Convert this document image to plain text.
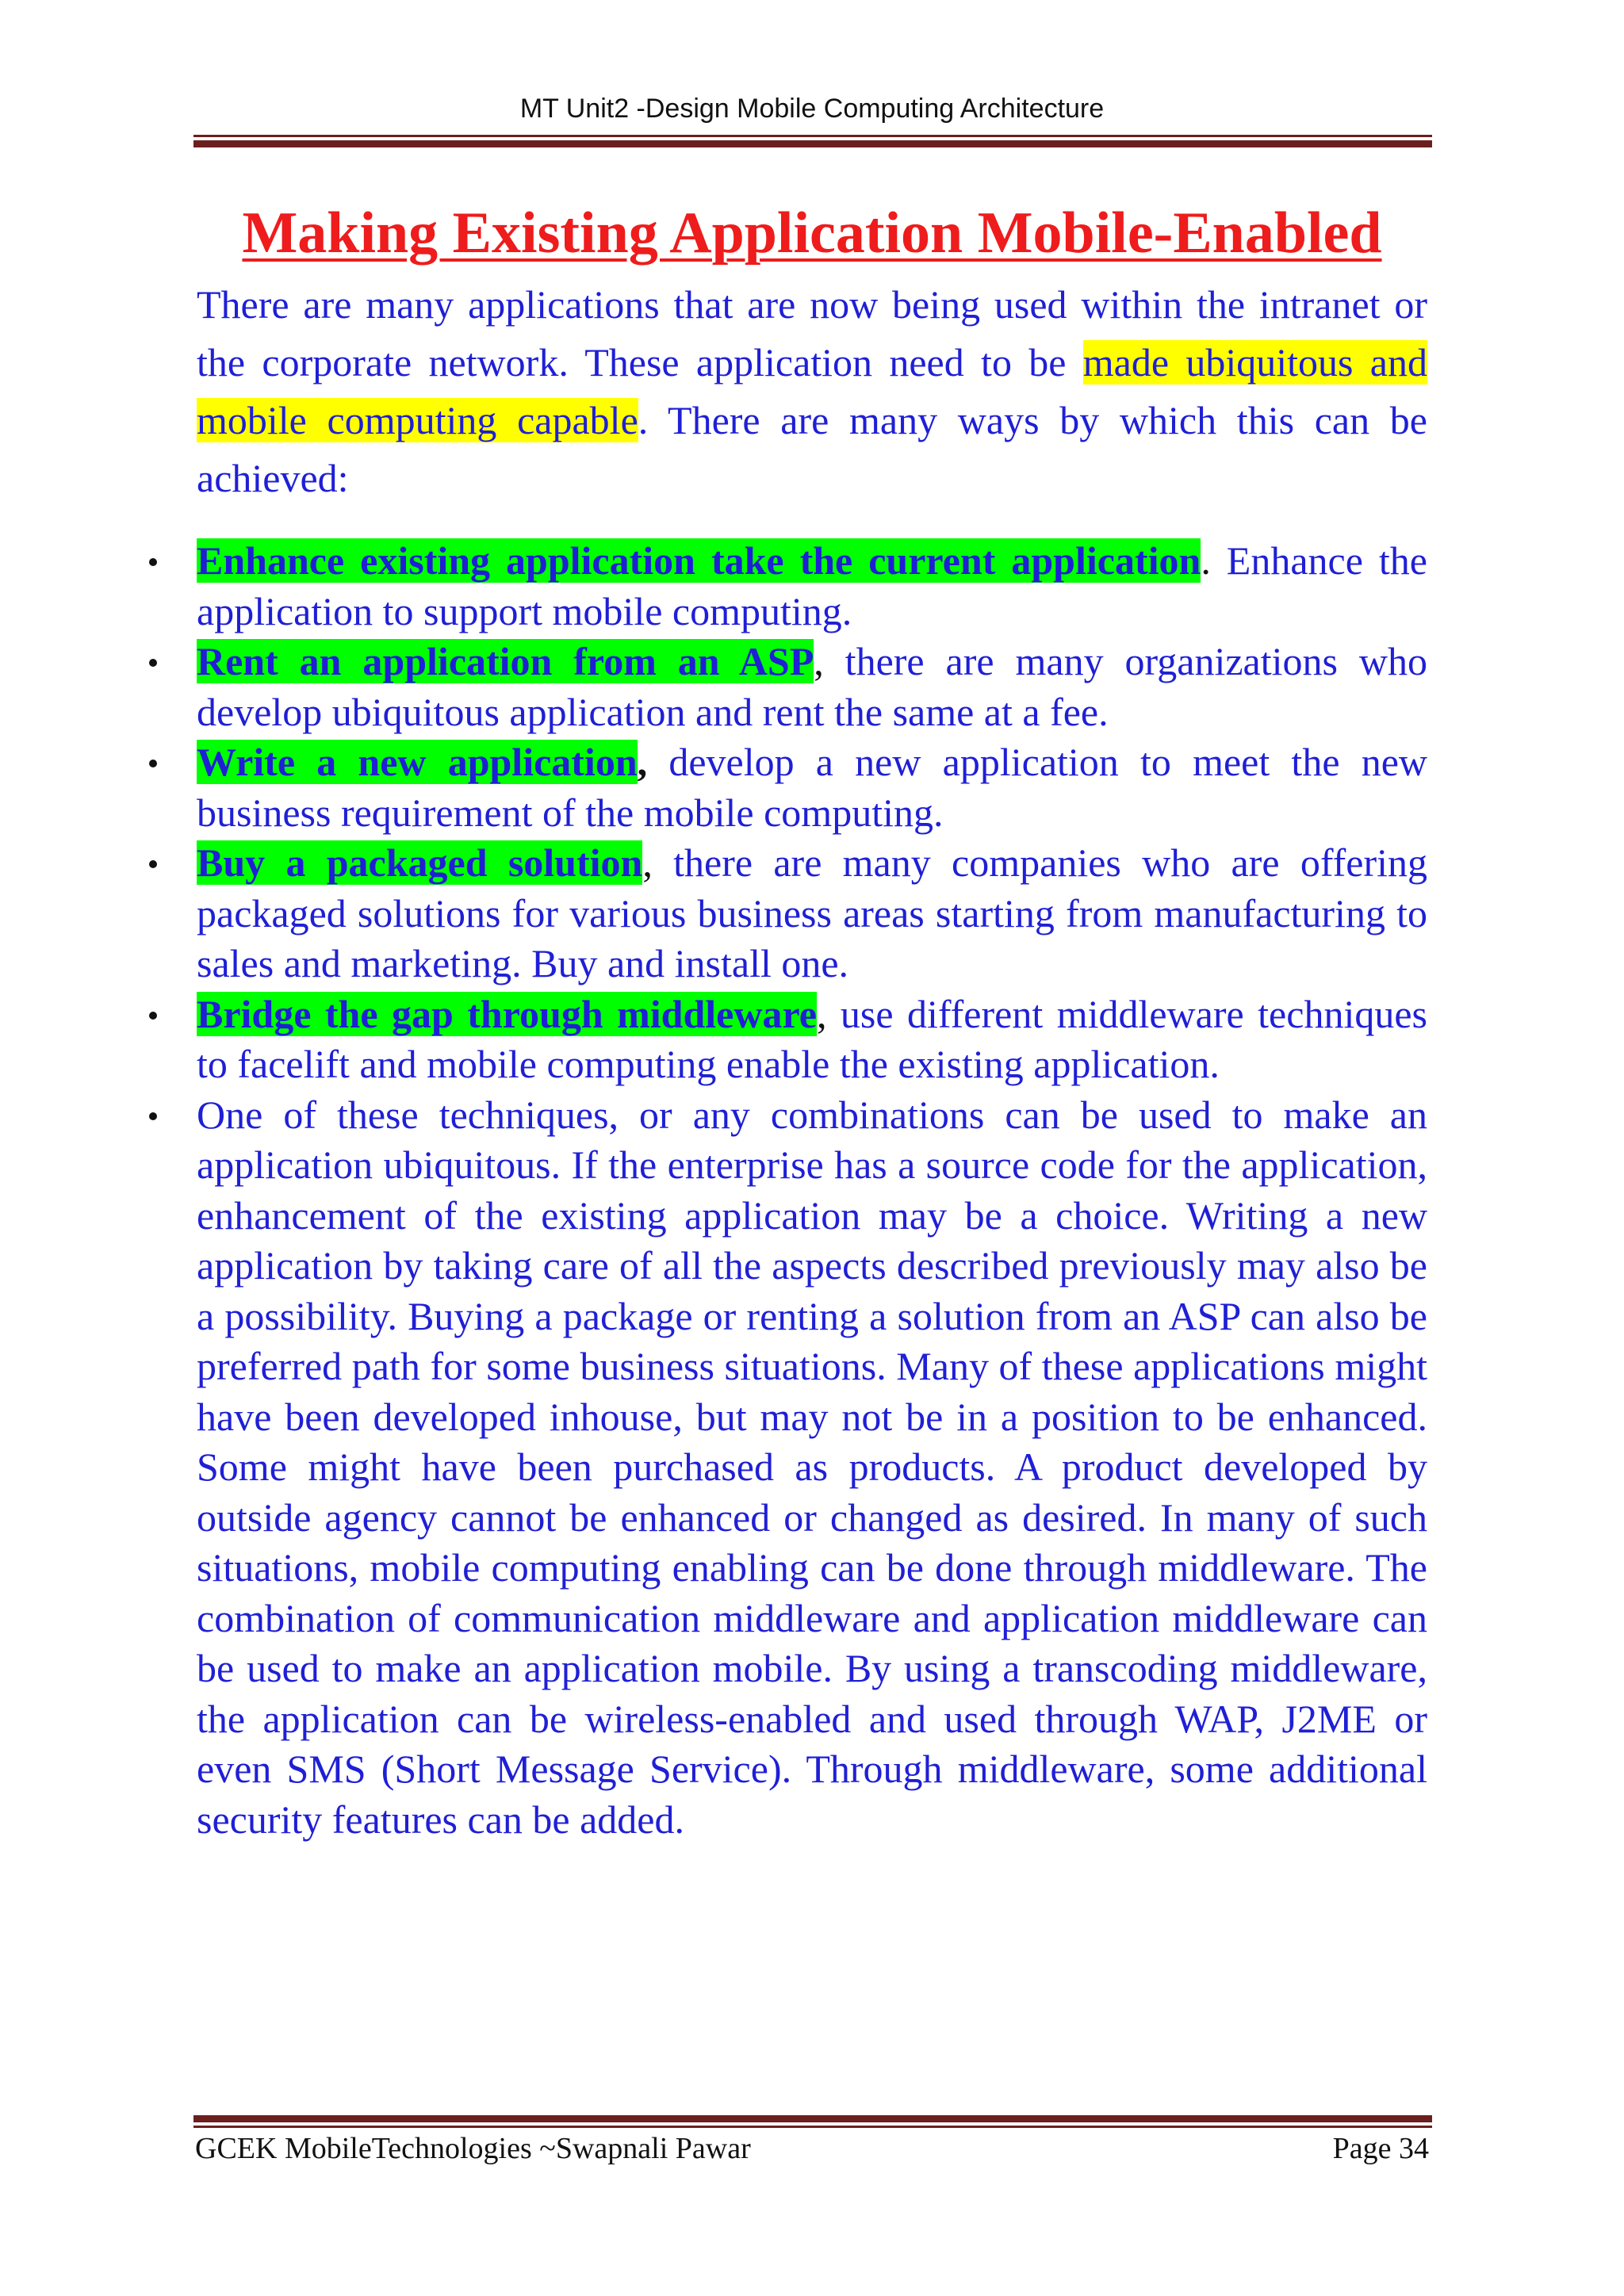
MT Unit2 -Design Mobile Computing Architecture
Making Existing Application Mobile-Enabled

There are many applications that are now being used within the intranet or the corporate network. These application need to be made ubiquitous and mobile computing capable. There are many ways by which this can be achieved:

Enhance existing application take the current application. Enhance the application to support mobile computing.
Rent an application from an ASP, there are many organizations who develop ubiquitous application and rent the same at a fee.
Write a new application, develop a new application to meet the new business requirement of the mobile computing.
Buy a packaged solution, there are many companies who are offering packaged solutions for various business areas starting from manufacturing to sales and marketing. Buy and install one.
Bridge the gap through middleware, use different middleware techniques to facelift and mobile computing enable the existing application.
One of these techniques, or any combinations can be used to make an application ubiquitous. If the enterprise has a source code for the application, enhancement of the existing application may be a choice. Writing a new application by taking care of all the aspects described previously may also be a possibility. Buying a package or renting a solution from an ASP can also be preferred path for some business situations. Many of these applications might have been developed inhouse, but may not be in a position to be enhanced. Some might have been purchased as products. A product developed by outside agency cannot be enhanced or changed as desired. In many of such situations, mobile computing enabling can be done through middleware. The combination of communication middleware and application middleware can be used to make an application mobile. By using a transcoding middleware, the application can be wireless-enabled and used through WAP, J2ME or even SMS (Short Message Service). Through middleware, some additional security features can be added.
GCEK MobileTechnologies ~Swapnali Pawar	Page 34
